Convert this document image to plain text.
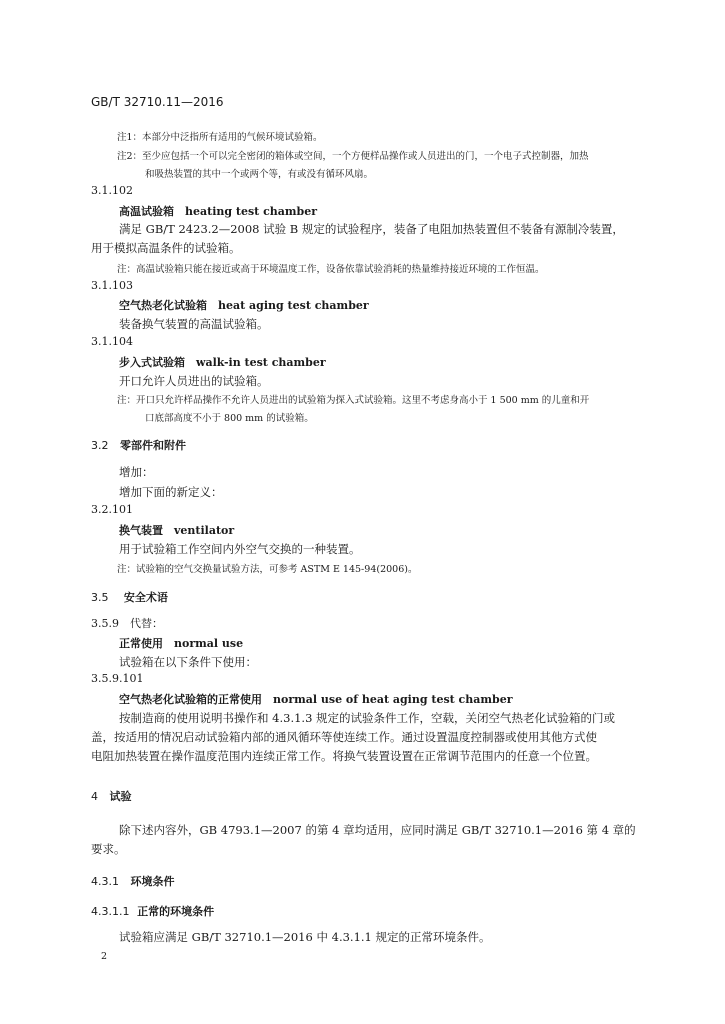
GB/T 32710.11—2016
注1：本部分中泛指所有适用的气候环境试验箱。
注2：至少应包括一个可以完全密闭的箱体或空间，一个方便样品操作或人员进出的门，一个电子式控制器，加热
和吸热装置的其中一个或两个等，有或没有循环风扇。
3.1.102
高温试验箱　heating test chamber
满足 GB/T 2423.2—2008 试验 B 规定的试验程序，装备了电阻加热装置但不装备有源制冷装置，
用于模拟高温条件的试验箱。
注：高温试验箱只能在接近或高于环境温度工作，设备依靠试验消耗的热量维持接近环境的工作恒温。
3.1.103
空气热老化试验箱　heat aging test chamber
装备换气装置的高温试验箱。
3.1.104
步入式试验箱　walk-in test chamber
开口允许人员进出的试验箱。
注：开口只允许样品操作不允许人员进出的试验箱为探入式试验箱。这里不考虑身高小于 1 500 mm 的儿童和开
口底部高度不小于 800 mm 的试验箱。
3.2 零部件和附件
增加：
增加下面的新定义：
3.2.101
换气装置　ventilator
用于试验箱工作空间内外空气交换的一种装置。
注：试验箱的空气交换量试验方法，可参考 ASTM E 145-94(2006)。
3.5 安全术语
3.5.9　代替：
正常使用　normal use
试验箱在以下条件下使用：
3.5.9.101
空气热老化试验箱的正常使用　normal use of heat aging test chamber
按制造商的使用说明书操作和 4.3.1.3 规定的试验条件工作，空载，关闭空气热老化试验箱的门或
盖，按适用的情况启动试验箱内部的通风循环等使连续工作。通过设置温度控制器或使用其他方式使
电阻加热装置在操作温度范围内连续正常工作。将换气装置设置在正常调节范围内的任意一个位置。
4 试验
除下述内容外，GB 4793.1—2007 的第 4 章均适用，应同时满足 GB/T 32710.1—2016 第 4 章的
要求。
4.3.1 环境条件
4.3.1.1 正常的环境条件
试验箱应满足 GB/T 32710.1—2016 中 4.3.1.1 规定的正常环境条件。
2
